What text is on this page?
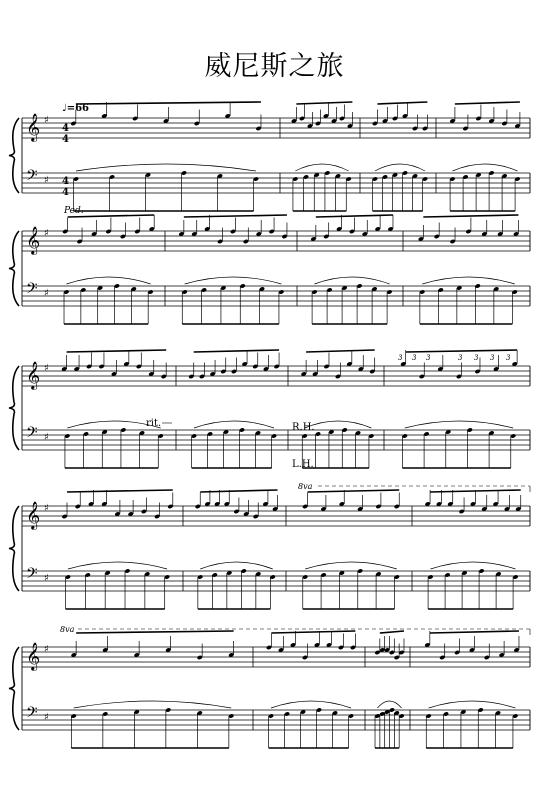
威尼斯之旅
𝄞 ♯
𝄢 ♯
𝄞 ♯
𝄢 ♯
𝄞 ♯
𝄢 ♯
𝄞 ♯
𝄢 ♯
𝄞 ♯
𝄢 ♯
3 3 3	3 3 3 3
♩=66
4
4
4
4
Ped.
rit.	R.H.
L.H.
8va
8va
